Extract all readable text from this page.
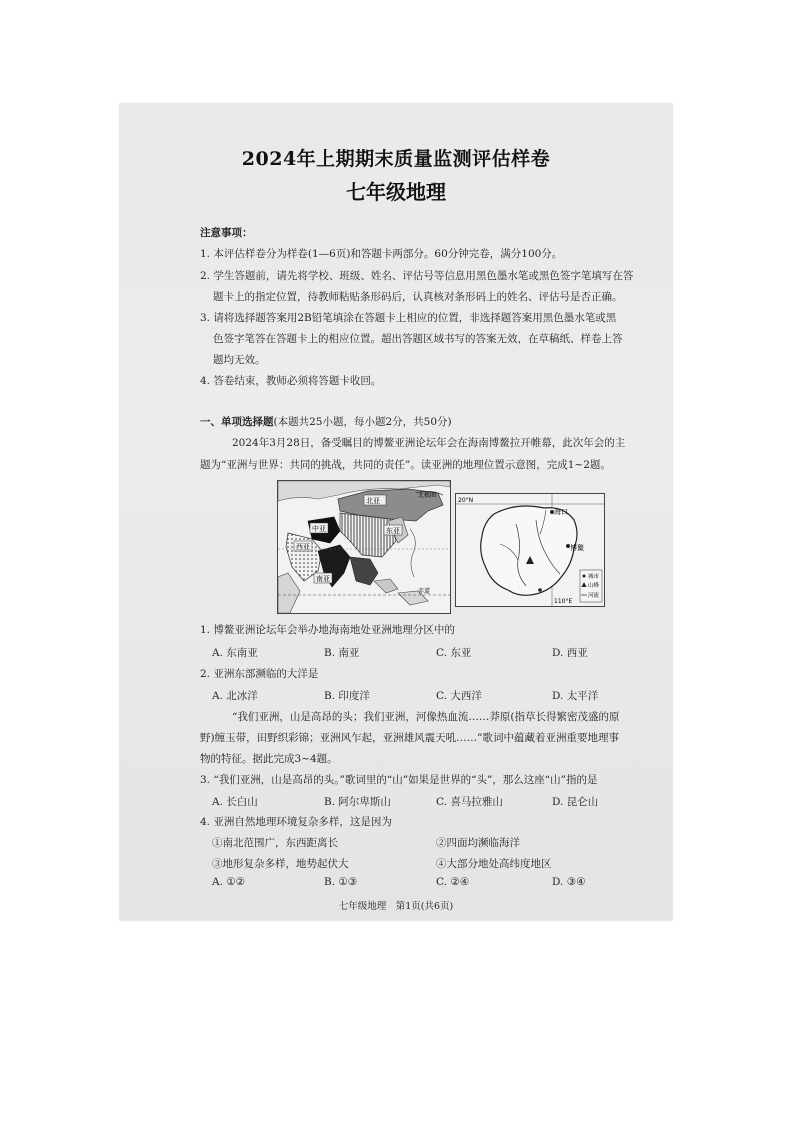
2024年上期期末质量监测评估样卷
七年级地理
注意事项：
1. 本评估样卷分为样卷(1—6页)和答题卡两部分。60分钟完卷，满分100分。
2. 学生答题前，请先将学校、班级、姓名、评估号等信息用黑色墨水笔或黑色签字笔填写在答
题卡上的指定位置，待教师粘贴条形码后，认真核对条形码上的姓名、评估号是否正确。
3. 请将选择题答案用2B铅笔填涂在答题卡上相应的位置，非选择题答案用黑色墨水笔或黑
色签字笔答在答题卡上的相应位置。超出答题区域书写的答案无效，在草稿纸、样卷上答
题均无效。
4. 答卷结束，教师必须将答题卡收回。
一、单项选择题(本题共25小题，每小题2分，共50分)
2024年3月28日，备受瞩目的博鳌亚洲论坛年会在海南博鳌拉开帷幕，此次年会的主
题为“亚洲与世界：共同的挑战，共同的责任”。读亚洲的地理位置示意图，完成1~2题。
北亚
北极圈
中亚	东亚
西亚
南亚
赤道
20°N
海口
博鳌
110°E
城市
山峰
河流
1. 博鳌亚洲论坛年会举办地海南地处亚洲地理分区中的
A. 东南亚	B. 南亚	C. 东亚	D. 西亚
2. 亚洲东部濒临的大洋是
A. 北冰洋	B. 印度洋	C. 大西洋	D. 太平洋
“我们亚洲，山是高昂的头；我们亚洲，河像热血流……莽原(指草长得繁密茂盛的原
野)缠玉带，田野织彩锦；亚洲风乍起，亚洲雄风震天吼……”歌词中蕴藏着亚洲重要地理事
物的特征。据此完成3~4题。
3. “我们亚洲，山是高昂的头。”歌词里的“山”如果是世界的“头”，那么这座“山”指的是
A. 长白山	B. 阿尔卑斯山	C. 喜马拉雅山	D. 昆仑山
4. 亚洲自然地理环境复杂多样，这是因为
①南北范围广，东西距离长	②四面均濒临海洋
③地形复杂多样，地势起伏大	④大部分地处高纬度地区
A. ①②	B. ①③	C. ②④	D. ③④
七年级地理　第1页(共6页)
